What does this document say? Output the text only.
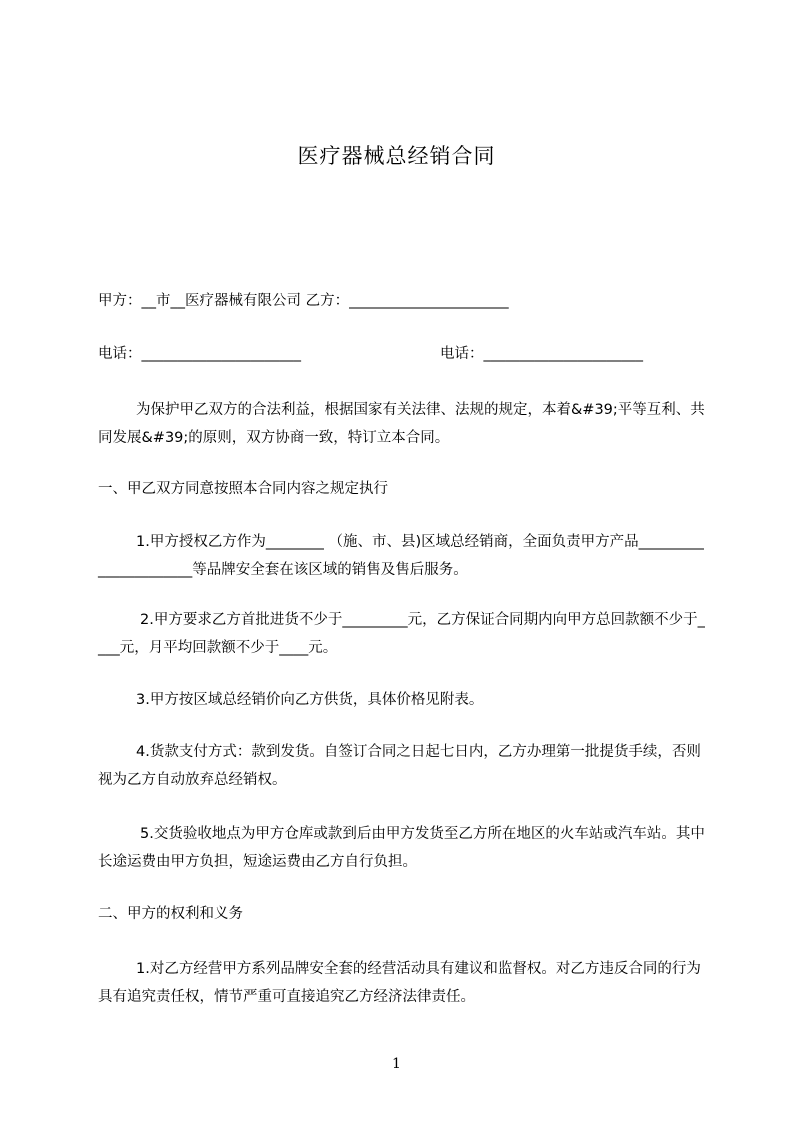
医疗器械总经销合同
甲方：__市__医疗器械有限公司 乙方：______________________
电话：______________________	电话：______________________
为保护甲乙双方的合法利益，根据国家有关法律、法规的规定，本着&#39;平等互利、共同发展&#39;的原则，双方协商一致，特订立本合同。
一、甲乙双方同意按照本合同内容之规定执行
1.甲方授权乙方作为________ （施、市、县)区域总经销商，全面负责甲方产品______________________等品牌安全套在该区域的销售及售后服务。
2.甲方要求乙方首批进货不少于_________元，乙方保证合同期内向甲方总回款额不少于____元，月平均回款额不少于____元。
3.甲方按区域总经销价向乙方供货，具体价格见附表。
4.货款支付方式：款到发货。自签订合同之日起七日内，乙方办理第一批提货手续，否则视为乙方自动放弃总经销权。
5.交货验收地点为甲方仓库或款到后由甲方发货至乙方所在地区的火车站或汽车站。其中长途运费由甲方负担，短途运费由乙方自行负担。
二、甲方的权利和义务
1.对乙方经营甲方系列品牌安全套的经营活动具有建议和监督权。对乙方违反合同的行为具有追究责任权，情节严重可直接追究乙方经济法律责任。
1
